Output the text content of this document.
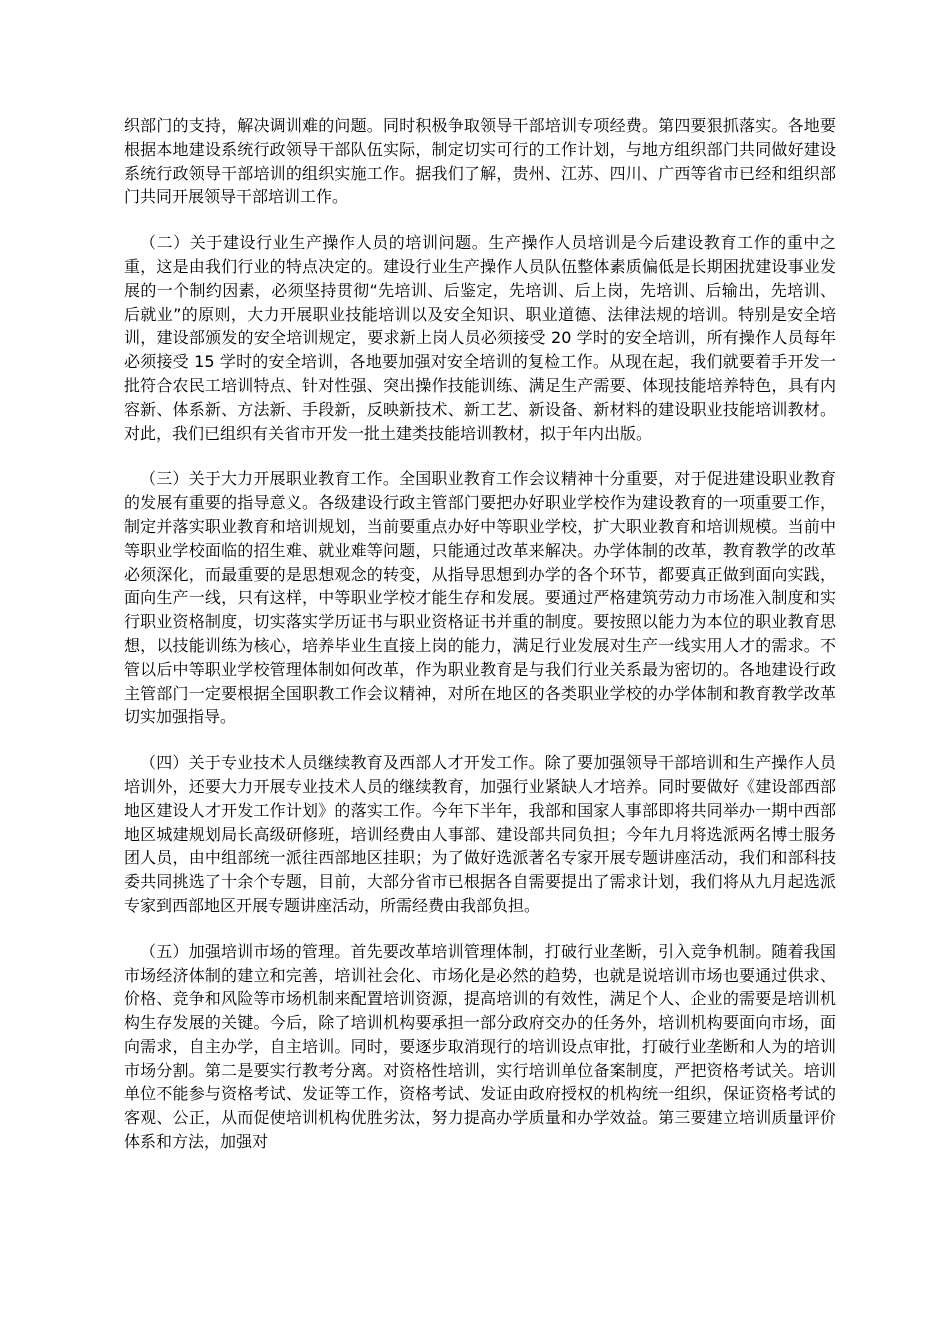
织部门的支持，解决调训难的问题。同时积极争取领导干部培训专项经费。第四要狠抓落实。各地要根据本地建设系统行政领导干部队伍实际，制定切实可行的工作计划，与地方组织部门共同做好建设系统行政领导干部培训的组织实施工作。据我们了解，贵州、江苏、四川、广西等省市已经和组织部门共同开展领导干部培训工作。

（二）关于建设行业生产操作人员的培训问题。生产操作人员培训是今后建设教育工作的重中之重，这是由我们行业的特点决定的。建设行业生产操作人员队伍整体素质偏低是长期困扰建设事业发展的一个制约因素，必须坚持贯彻“先培训、后鉴定，先培训、后上岗，先培训、后输出，先培训、后就业”的原则，大力开展职业技能培训以及安全知识、职业道德、法律法规的培训。特别是安全培训，建设部颁发的安全培训规定，要求新上岗人员必须接受 20 学时的安全培训，所有操作人员每年必须接受 15 学时的安全培训，各地要加强对安全培训的复检工作。从现在起，我们就要着手开发一批符合农民工培训特点、针对性强、突出操作技能训练、满足生产需要、体现技能培养特色，具有内容新、体系新、方法新、手段新，反映新技术、新工艺、新设备、新材料的建设职业技能培训教材。对此，我们已组织有关省市开发一批土建类技能培训教材，拟于年内出版。

（三）关于大力开展职业教育工作。全国职业教育工作会议精神十分重要，对于促进建设职业教育的发展有重要的指导意义。各级建设行政主管部门要把办好职业学校作为建设教育的一项重要工作，制定并落实职业教育和培训规划，当前要重点办好中等职业学校，扩大职业教育和培训规模。当前中等职业学校面临的招生难、就业难等问题，只能通过改革来解决。办学体制的改革，教育教学的改革必须深化，而最重要的是思想观念的转变，从指导思想到办学的各个环节，都要真正做到面向实践，面向生产一线，只有这样，中等职业学校才能生存和发展。要通过严格建筑劳动力市场准入制度和实行职业资格制度，切实落实学历证书与职业资格证书并重的制度。要按照以能力为本位的职业教育思想，以技能训练为核心，培养毕业生直接上岗的能力，满足行业发展对生产一线实用人才的需求。不管以后中等职业学校管理体制如何改革，作为职业教育是与我们行业关系最为密切的。各地建设行政主管部门一定要根据全国职教工作会议精神，对所在地区的各类职业学校的办学体制和教育教学改革切实加强指导。

（四）关于专业技术人员继续教育及西部人才开发工作。除了要加强领导干部培训和生产操作人员培训外，还要大力开展专业技术人员的继续教育，加强行业紧缺人才培养。同时要做好《建设部西部地区建设人才开发工作计划》的落实工作。今年下半年，我部和国家人事部即将共同举办一期中西部地区城建规划局长高级研修班，培训经费由人事部、建设部共同负担；今年九月将选派两名博士服务团人员，由中组部统一派往西部地区挂职；为了做好选派著名专家开展专题讲座活动，我们和部科技委共同挑选了十余个专题，目前，大部分省市已根据各自需要提出了需求计划，我们将从九月起选派专家到西部地区开展专题讲座活动，所需经费由我部负担。

（五）加强培训市场的管理。首先要改革培训管理体制，打破行业垄断，引入竞争机制。随着我国市场经济体制的建立和完善，培训社会化、市场化是必然的趋势，也就是说培训市场也要通过供求、价格、竞争和风险等市场机制来配置培训资源，提高培训的有效性，满足个人、企业的需要是培训机构生存发展的关键。今后，除了培训机构要承担一部分政府交办的任务外，培训机构要面向市场，面向需求，自主办学，自主培训。同时，要逐步取消现行的培训设点审批，打破行业垄断和人为的培训市场分割。第二是要实行教考分离。对资格性培训，实行培训单位备案制度，严把资格考试关。培训单位不能参与资格考试、发证等工作，资格考试、发证由政府授权的机构统一组织，保证资格考试的客观、公正，从而促使培训机构优胜劣汰，努力提高办学质量和办学效益。第三要建立培训质量评价体系和方法，加强对
